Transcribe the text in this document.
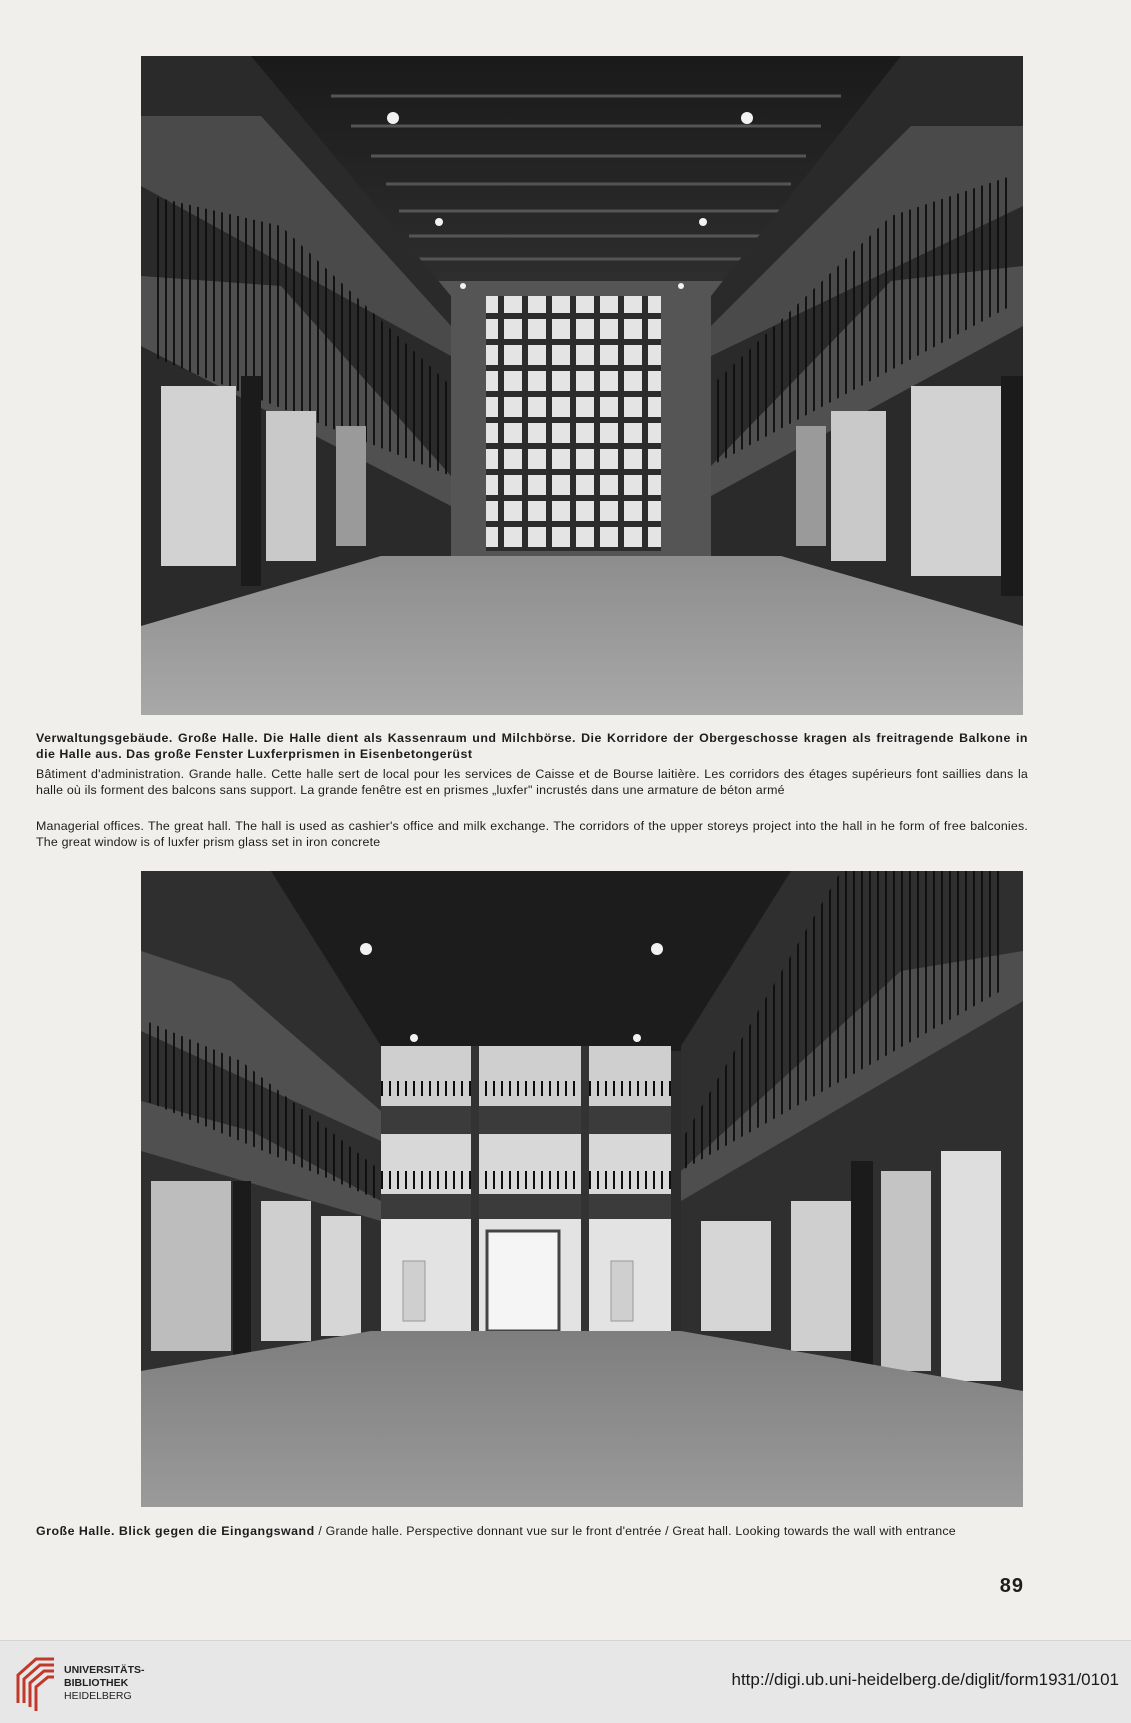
Verwaltungsgebäude. Große Halle. Die Halle dient als Kassenraum und Milchbörse. Die Korridore der Obergeschosse kragen als freitragende Balkone in die Halle aus. Das große Fenster Luxferprismen in Eisenbetongerüst
Bâtiment d'administration. Grande halle. Cette halle sert de local pour les services de Caisse et de Bourse laitière. Les corridors des étages supérieurs font saillies dans la halle où ils forment des balcons sans support. La grande fenêtre est en prismes „luxfer" incrustés dans une armature de béton armé
Managerial offices. The great hall. The hall is used as cashier's office and milk exchange. The corridors of the upper storeys project into the hall in he form of free balconies. The great window is of luxfer prism glass set in iron concrete
Große Halle. Blick gegen die Eingangswand / Grande halle. Perspective donnant vue sur le front d'entrée / Great hall. Looking towards the wall with entrance
89
UNIVERSITÄTS-
BIBLIOTHEK
HEIDELBERG
http://digi.ub.uni-heidelberg.de/diglit/form1931/0101
